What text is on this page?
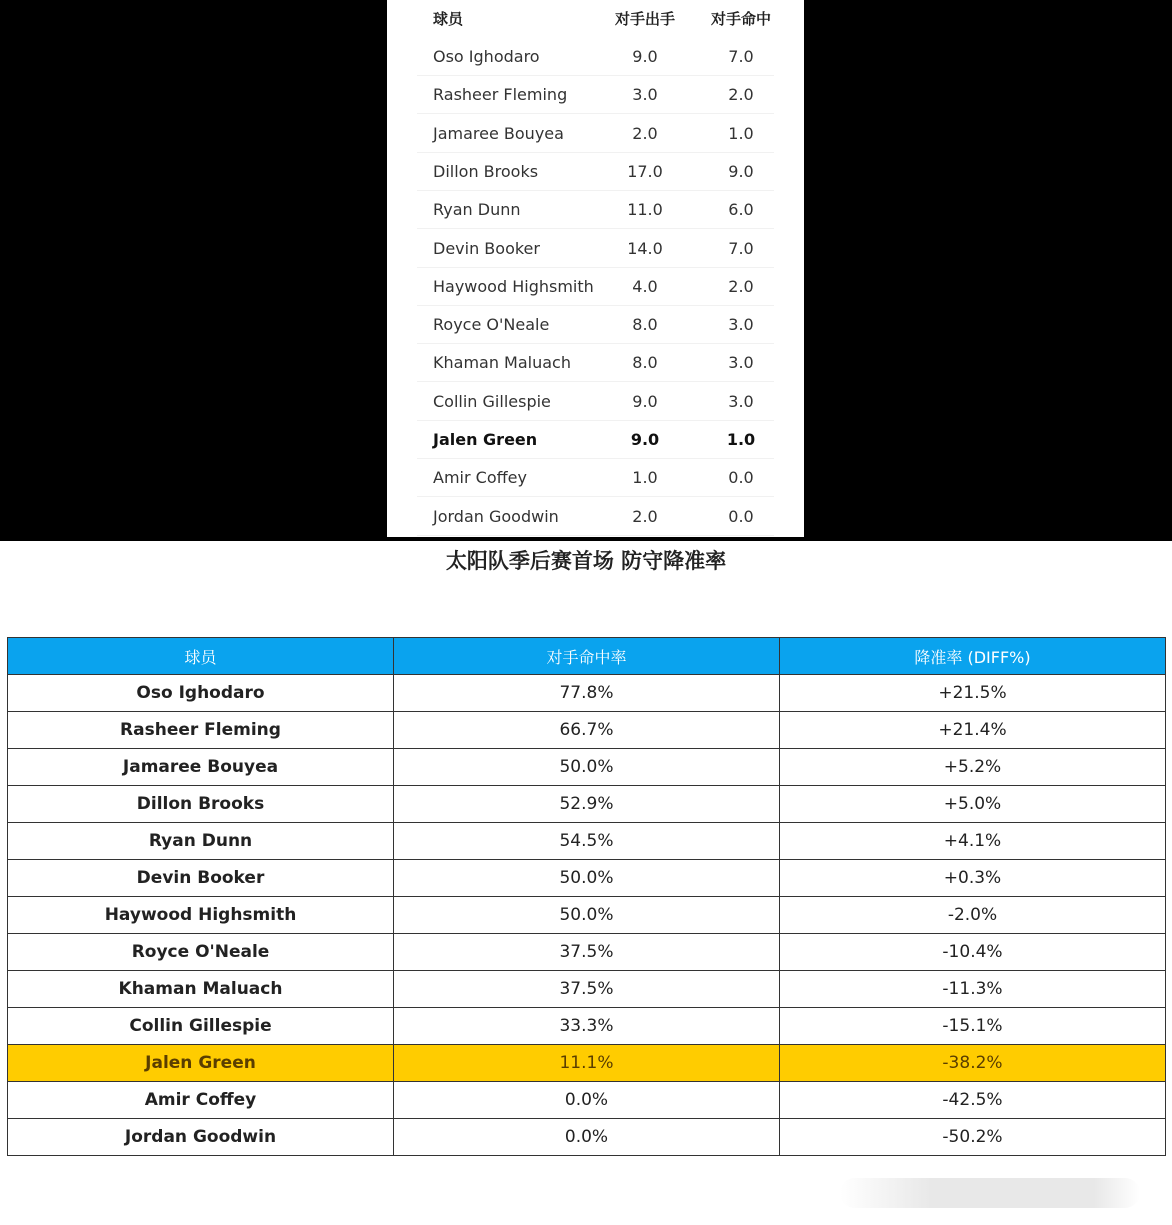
球员	对手出手	对手命中
Oso Ighodaro	9.0	7.0
Rasheer Fleming	3.0	2.0
Jamaree Bouyea	2.0	1.0
Dillon Brooks	17.0	9.0
Ryan Dunn	11.0	6.0
Devin Booker	14.0	7.0
Haywood Highsmith	4.0	2.0
Royce O'Neale	8.0	3.0
Khaman Maluach	8.0	3.0
Collin Gillespie	9.0	3.0
Jalen Green	9.0	1.0
Amir Coffey	1.0	0.0
Jordan Goodwin	2.0	0.0
太阳队季后赛首场 防守降准率
球员	对手命中率	降准率 (DIFF%)
Oso Ighodaro	77.8%	+21.5%
Rasheer Fleming	66.7%	+21.4%
Jamaree Bouyea	50.0%	+5.2%
Dillon Brooks	52.9%	+5.0%
Ryan Dunn	54.5%	+4.1%
Devin Booker	50.0%	+0.3%
Haywood Highsmith	50.0%	-2.0%
Royce O'Neale	37.5%	-10.4%
Khaman Maluach	37.5%	-11.3%
Collin Gillespie	33.3%	-15.1%
Jalen Green	11.1%	-38.2%
Amir Coffey	0.0%	-42.5%
Jordan Goodwin	0.0%	-50.2%
